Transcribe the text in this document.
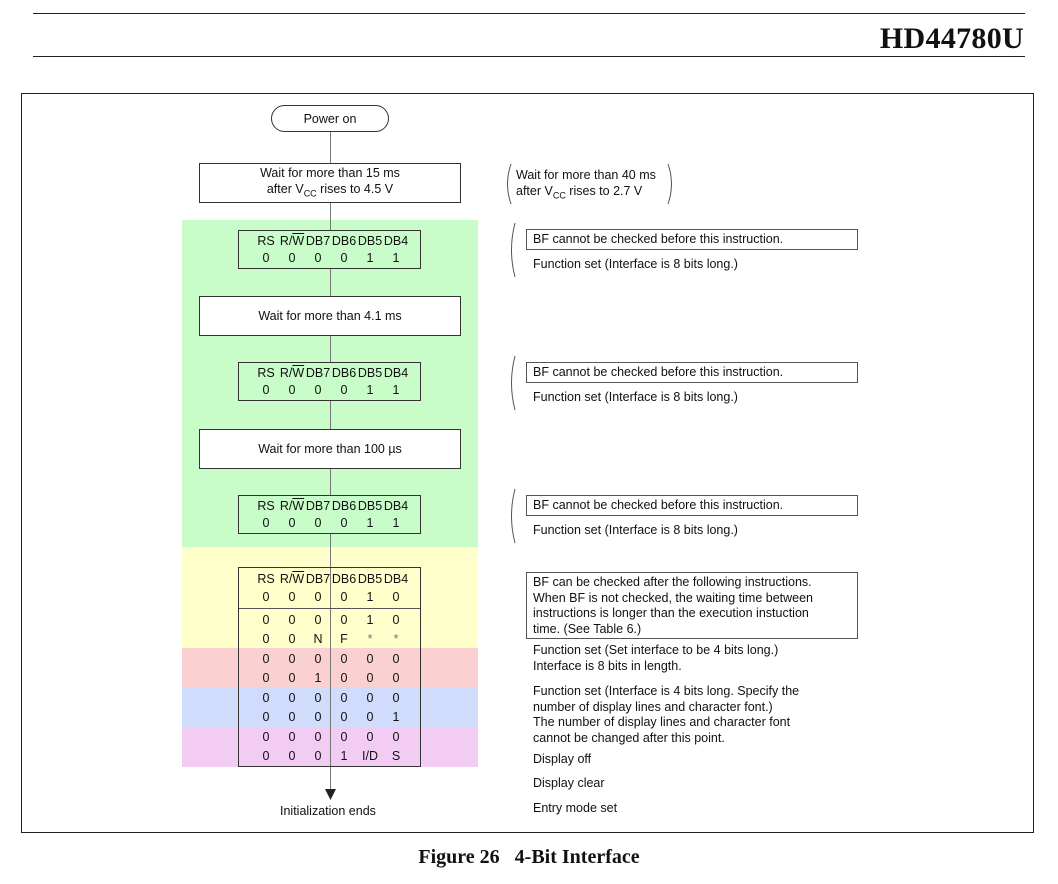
HD44780U
Power on
Wait for more than 15 ms
after $V_{CC}$ rises to 4.5 V
Wait for more than 40 ms
after $V_{CC}$ rises to 2.7 V
RS $R/\overline{W}$ DB7 DB6 DB5 DB4
0	0	0	0	1	1
BF cannot be checked before this instruction.
Function set (Interface is 8 bits long.)
Wait for more than 4.1 ms
RS $R/\overline{W}$ DB7 DB6 DB5 DB4
0	0	0	0	1	1
BF cannot be checked before this instruction.
Function set (Interface is 8 bits long.)
Wait for more than 100 µs
RS $R/\overline{W}$ DB7 DB6 DB5 DB4
0	0	0	0	1	1
BF cannot be checked before this instruction.
Function set (Interface is 8 bits long.)
RS $R/\overline{W}$ DB7 DB6 DB5 DB4
0	0	0	0	1	0
0	0	0	0	1	0
0	0	N	F	*	*
0	0	0	0	0	0
0	0	1	0	0	0
0	0	0	0	0	0
0	0	0	0	0	1
0	0	0	0	0	0
0	0	0	1	I/D	S
BF can be checked after the following instructions.
When BF is not checked, the waiting time between
instructions is longer than the execution instuction
time. (See Table 6.)
Function set (Set interface to be 4 bits long.)
Interface is 8 bits in length.
Function set (Interface is 4 bits long. Specify the
number of display lines and character font.)
The number of display lines and character font
cannot be changed after this point.
Display off
Display clear
Entry mode set
Initialization ends
Figure 26   4-Bit Interface
